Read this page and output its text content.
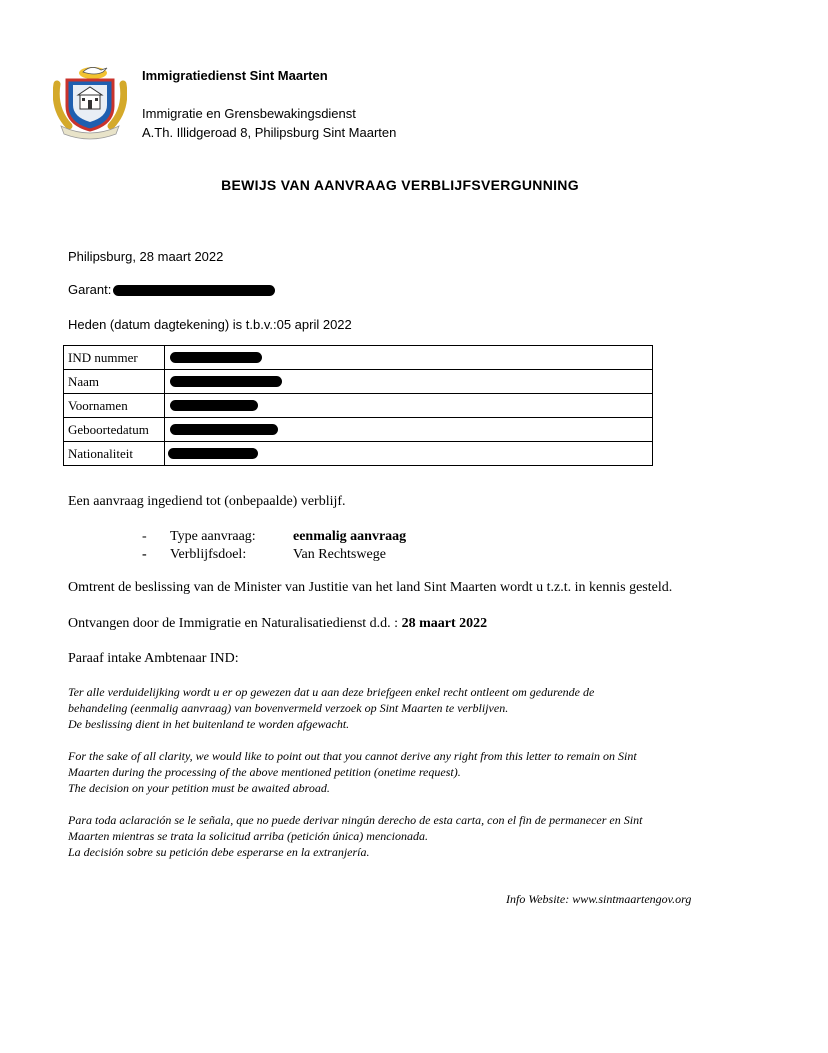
Immigratiedienst Sint Maarten
Immigratie en Grensbewakingsdienst
A.Th. Illidgeroad 8, Philipsburg Sint Maarten
BEWIJS VAN AANVRAAG VERBLIJFSVERGUNNING
Philipsburg, 28 maart 2022
Garant:
Heden (datum dagtekening) is t.b.v.:05 april 2022
IND nummer
Naam
Voornamen
Geboortedatum
Nationaliteit
Een aanvraag ingediend tot (onbepaalde) verblijf.
- Type aanvraag:	eenmalig aanvraag
- Verblijfsdoel:	Van Rechtswege
Omtrent de beslissing van de Minister van Justitie van het land Sint Maarten wordt u t.z.t. in kennis gesteld.
Ontvangen door de Immigratie en Naturalisatiedienst d.d. : 28 maart 2022
Paraaf intake Ambtenaar IND:
Ter alle verduidelijking wordt u er op gewezen dat u aan deze briefgeen enkel recht ontleent om gedurende de
behandeling (eenmalig aanvraag) van bovenvermeld verzoek op Sint Maarten te verblijven.
De beslissing dient in het buitenland te worden afgewacht.
For the sake of all clarity, we would like to point out that you cannot derive any right from this letter to remain on Sint
Maarten during the processing of the above mentioned petition (onetime request).
The decision on your petition must be awaited abroad.
Para toda aclaración se le señala, que no puede derivar ningún derecho de esta carta, con el fin de permanecer en Sint
Maarten mientras se trata la solicitud arriba (petición única) mencionada.
La decisión sobre su petición debe esperarse en la extranjería.
Info Website: www.sintmaartengov.org
